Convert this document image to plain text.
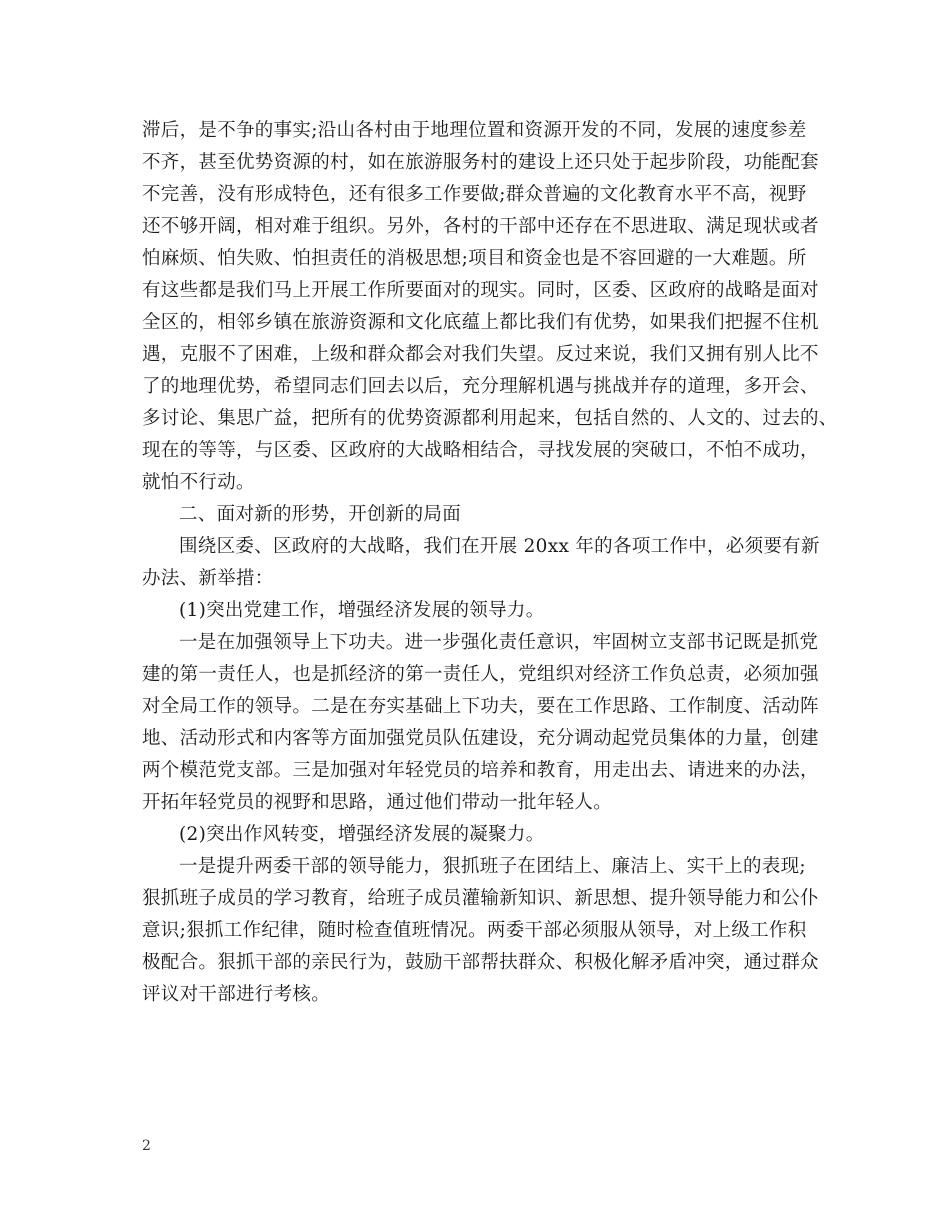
滞后，是不争的事实;沿山各村由于地理位置和资源开发的不同，发展的速度参差
不齐，甚至优势资源的村，如在旅游服务村的建设上还只处于起步阶段，功能配套
不完善，没有形成特色，还有很多工作要做;群众普遍的文化教育水平不高，视野
还不够开阔，相对难于组织。另外，各村的干部中还存在不思进取、满足现状或者
怕麻烦、怕失败、怕担责任的消极思想;项目和资金也是不容回避的一大难题。所
有这些都是我们马上开展工作所要面对的现实。同时，区委、区政府的战略是面对
全区的，相邻乡镇在旅游资源和文化底蕴上都比我们有优势，如果我们把握不住机
遇，克服不了困难，上级和群众都会对我们失望。反过来说，我们又拥有别人比不
了的地理优势，希望同志们回去以后，充分理解机遇与挑战并存的道理，多开会、
多讨论、集思广益，把所有的优势资源都利用起来，包括自然的、人文的、过去的、
现在的等等，与区委、区政府的大战略相结合，寻找发展的突破口，不怕不成功，
就怕不行动。
二、面对新的形势，开创新的局面
围绕区委、区政府的大战略，我们在开展 20xx 年的各项工作中，必须要有新
办法、新举措：
(1)突出党建工作，增强经济发展的领导力。
一是在加强领导上下功夫。进一步强化责任意识，牢固树立支部书记既是抓党
建的第一责任人，也是抓经济的第一责任人，党组织对经济工作负总责，必须加强
对全局工作的领导。二是在夯实基础上下功夫，要在工作思路、工作制度、活动阵
地、活动形式和内客等方面加强党员队伍建设，充分调动起党员集体的力量，创建
两个模范党支部。三是加强对年轻党员的培养和教育，用走出去、请进来的办法，
开拓年轻党员的视野和思路，通过他们带动一批年轻人。
(2)突出作风转变，增强经济发展的凝聚力。
一是提升两委干部的领导能力，狠抓班子在团结上、廉洁上、实干上的表现;
狠抓班子成员的学习教育，给班子成员灌输新知识、新思想、提升领导能力和公仆
意识;狠抓工作纪律，随时检查值班情况。两委干部必须服从领导，对上级工作积
极配合。狠抓干部的亲民行为，鼓励干部帮扶群众、积极化解矛盾冲突，通过群众
评议对干部进行考核。
2
